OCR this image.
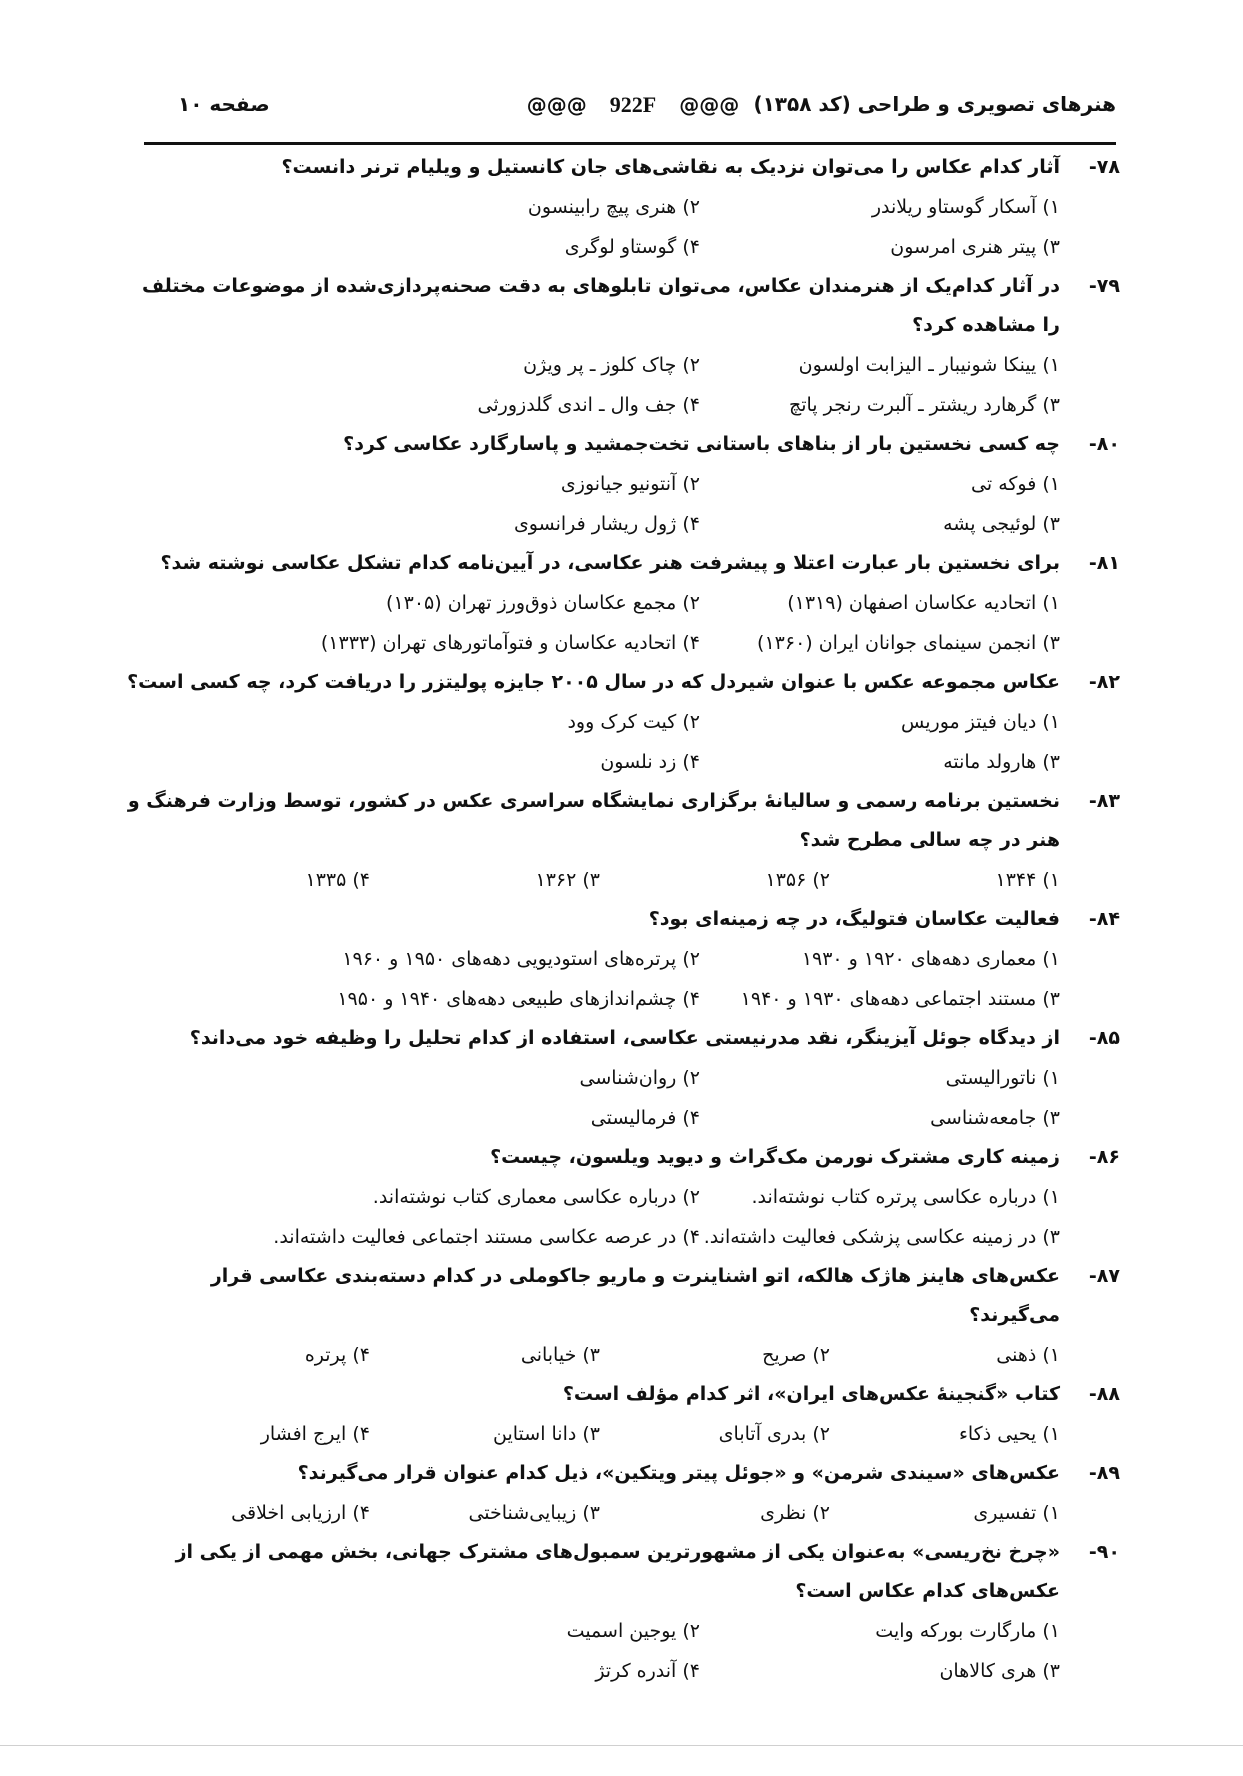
صفحه ۱۰	@@@ 922F @@@ هنرهای تصویری و طراحی (کد ۱۳۵۸)
۷۸-
آثار کدام عکاس را می‌توان نزدیک به نقاشی‌های جان کانستیل و ویلیام ترنر دانست؟
۱) آسکار گوستاو ریلاندر
۲) هنری پیچ رابینسون
۳) پیتر هنری امرسون
۴) گوستاو لوگری
۷۹-
در آثار کدام‌یک از هنرمندان عکاس، می‌توان تابلوهای به دقت صحنه‌پردازی‌شده از موضوعات مختلف را مشاهده کرد؟
۱) یینکا شونیبار ـ الیزابت اولسون
۲) چاک کلوز ـ پر ویژن
۳) گرهارد ریشتر ـ آلبرت رنجر پاتچ
۴) جف وال ـ اندی گلدزورثی
۸۰-
چه کسی نخستین بار از بناهای باستانی تخت‌جمشید و پاسارگارد عکاسی کرد؟
۱) فوکه تی
۲) آنتونیو جیانوزی
۳) لوئیجی پشه
۴) ژول ریشار فرانسوی
۸۱-
برای نخستین بار عبارت اعتلا و پیشرفت هنر عکاسی، در آیین‌نامه کدام تشکل عکاسی نوشته شد؟
۱) اتحادیه عکاسان اصفهان (۱۳۱۹)
۲) مجمع عکاسان ذوق‌ورز تهران (۱۳۰۵)
۳) انجمن سینمای جوانان ایران (۱۳۶۰)
۴) اتحادیه عکاسان و فتوآماتورهای تهران (۱۳۳۳)
۸۲-
عکاس مجموعه عکس با عنوان شیردل که در سال ۲۰۰۵ جایزه پولیتزر را دریافت کرد، چه کسی است؟
۱) دیان فیتز موریس
۲) کیت کرک وود
۳) هارولد مانته
۴) زد نلسون
۸۳-
نخستین برنامه رسمی و سالیانهٔ برگزاری نمایشگاه سراسری عکس در کشور، توسط وزارت فرهنگ و هنر در چه سالی مطرح شد؟
۱) ۱۳۴۴
۲) ۱۳۵۶
۳) ۱۳۶۲
۴) ۱۳۳۵
۸۴-
فعالیت عکاسان فتولیگ، در چه زمینه‌ای بود؟
۱) معماری دهه‌های ۱۹۲۰ و ۱۹۳۰
۲) پرتره‌های استودیویی دهه‌های ۱۹۵۰ و ۱۹۶۰
۳) مستند اجتماعی دهه‌های ۱۹۳۰ و ۱۹۴۰
۴) چشم‌اندازهای طبیعی دهه‌های ۱۹۴۰ و ۱۹۵۰
۸۵-
از دیدگاه جوئل آیزینگر، نقد مدرنیستی عکاسی، استفاده از کدام تحلیل را وظیفه خود می‌داند؟
۱) ناتورالیستی
۲) روان‌شناسی
۳) جامعه‌شناسی
۴) فرمالیستی
۸۶-
زمینه کاری مشترک نورمن مک‌گراث و دیوید ویلسون، چیست؟
۱) درباره عکاسی پرتره کتاب نوشته‌اند.
۲) درباره عکاسی معماری کتاب نوشته‌اند.
۳) در زمینه عکاسی پزشکی فعالیت داشته‌اند.
۴) در عرصه عکاسی مستند اجتماعی فعالیت داشته‌اند.
۸۷-
عکس‌های هاینز هاژک هالکه، اتو اشناینرت و ماریو جاکوملی در کدام دسته‌بندی عکاسی قرار می‌گیرند؟
۱) ذهنی
۲) صریح
۳) خیابانی
۴) پرتره
۸۸-
کتاب «گنجینهٔ عکس‌های ایران»، اثر کدام مؤلف است؟
۱) یحیی ذکاء
۲) بدری آتابای
۳) دانا استاین
۴) ایرج افشار
۸۹-
عکس‌های «سیندی شرمن» و «جوئل پیتر ویتکین»، ذیل کدام عنوان قرار می‌گیرند؟
۱) تفسیری
۲) نظری
۳) زیبایی‌شناختی
۴) ارزیابی اخلاقی
۹۰-
«چرخ نخ‌ریسی» به‌عنوان یکی از مشهورترین سمبول‌های مشترک جهانی، بخش مهمی از یکی از عکس‌های کدام عکاس است؟
۱) مارگارت بورکه وایت
۲) یوجین اسمیت
۳) هری کالاهان
۴) آندره کرتژ
